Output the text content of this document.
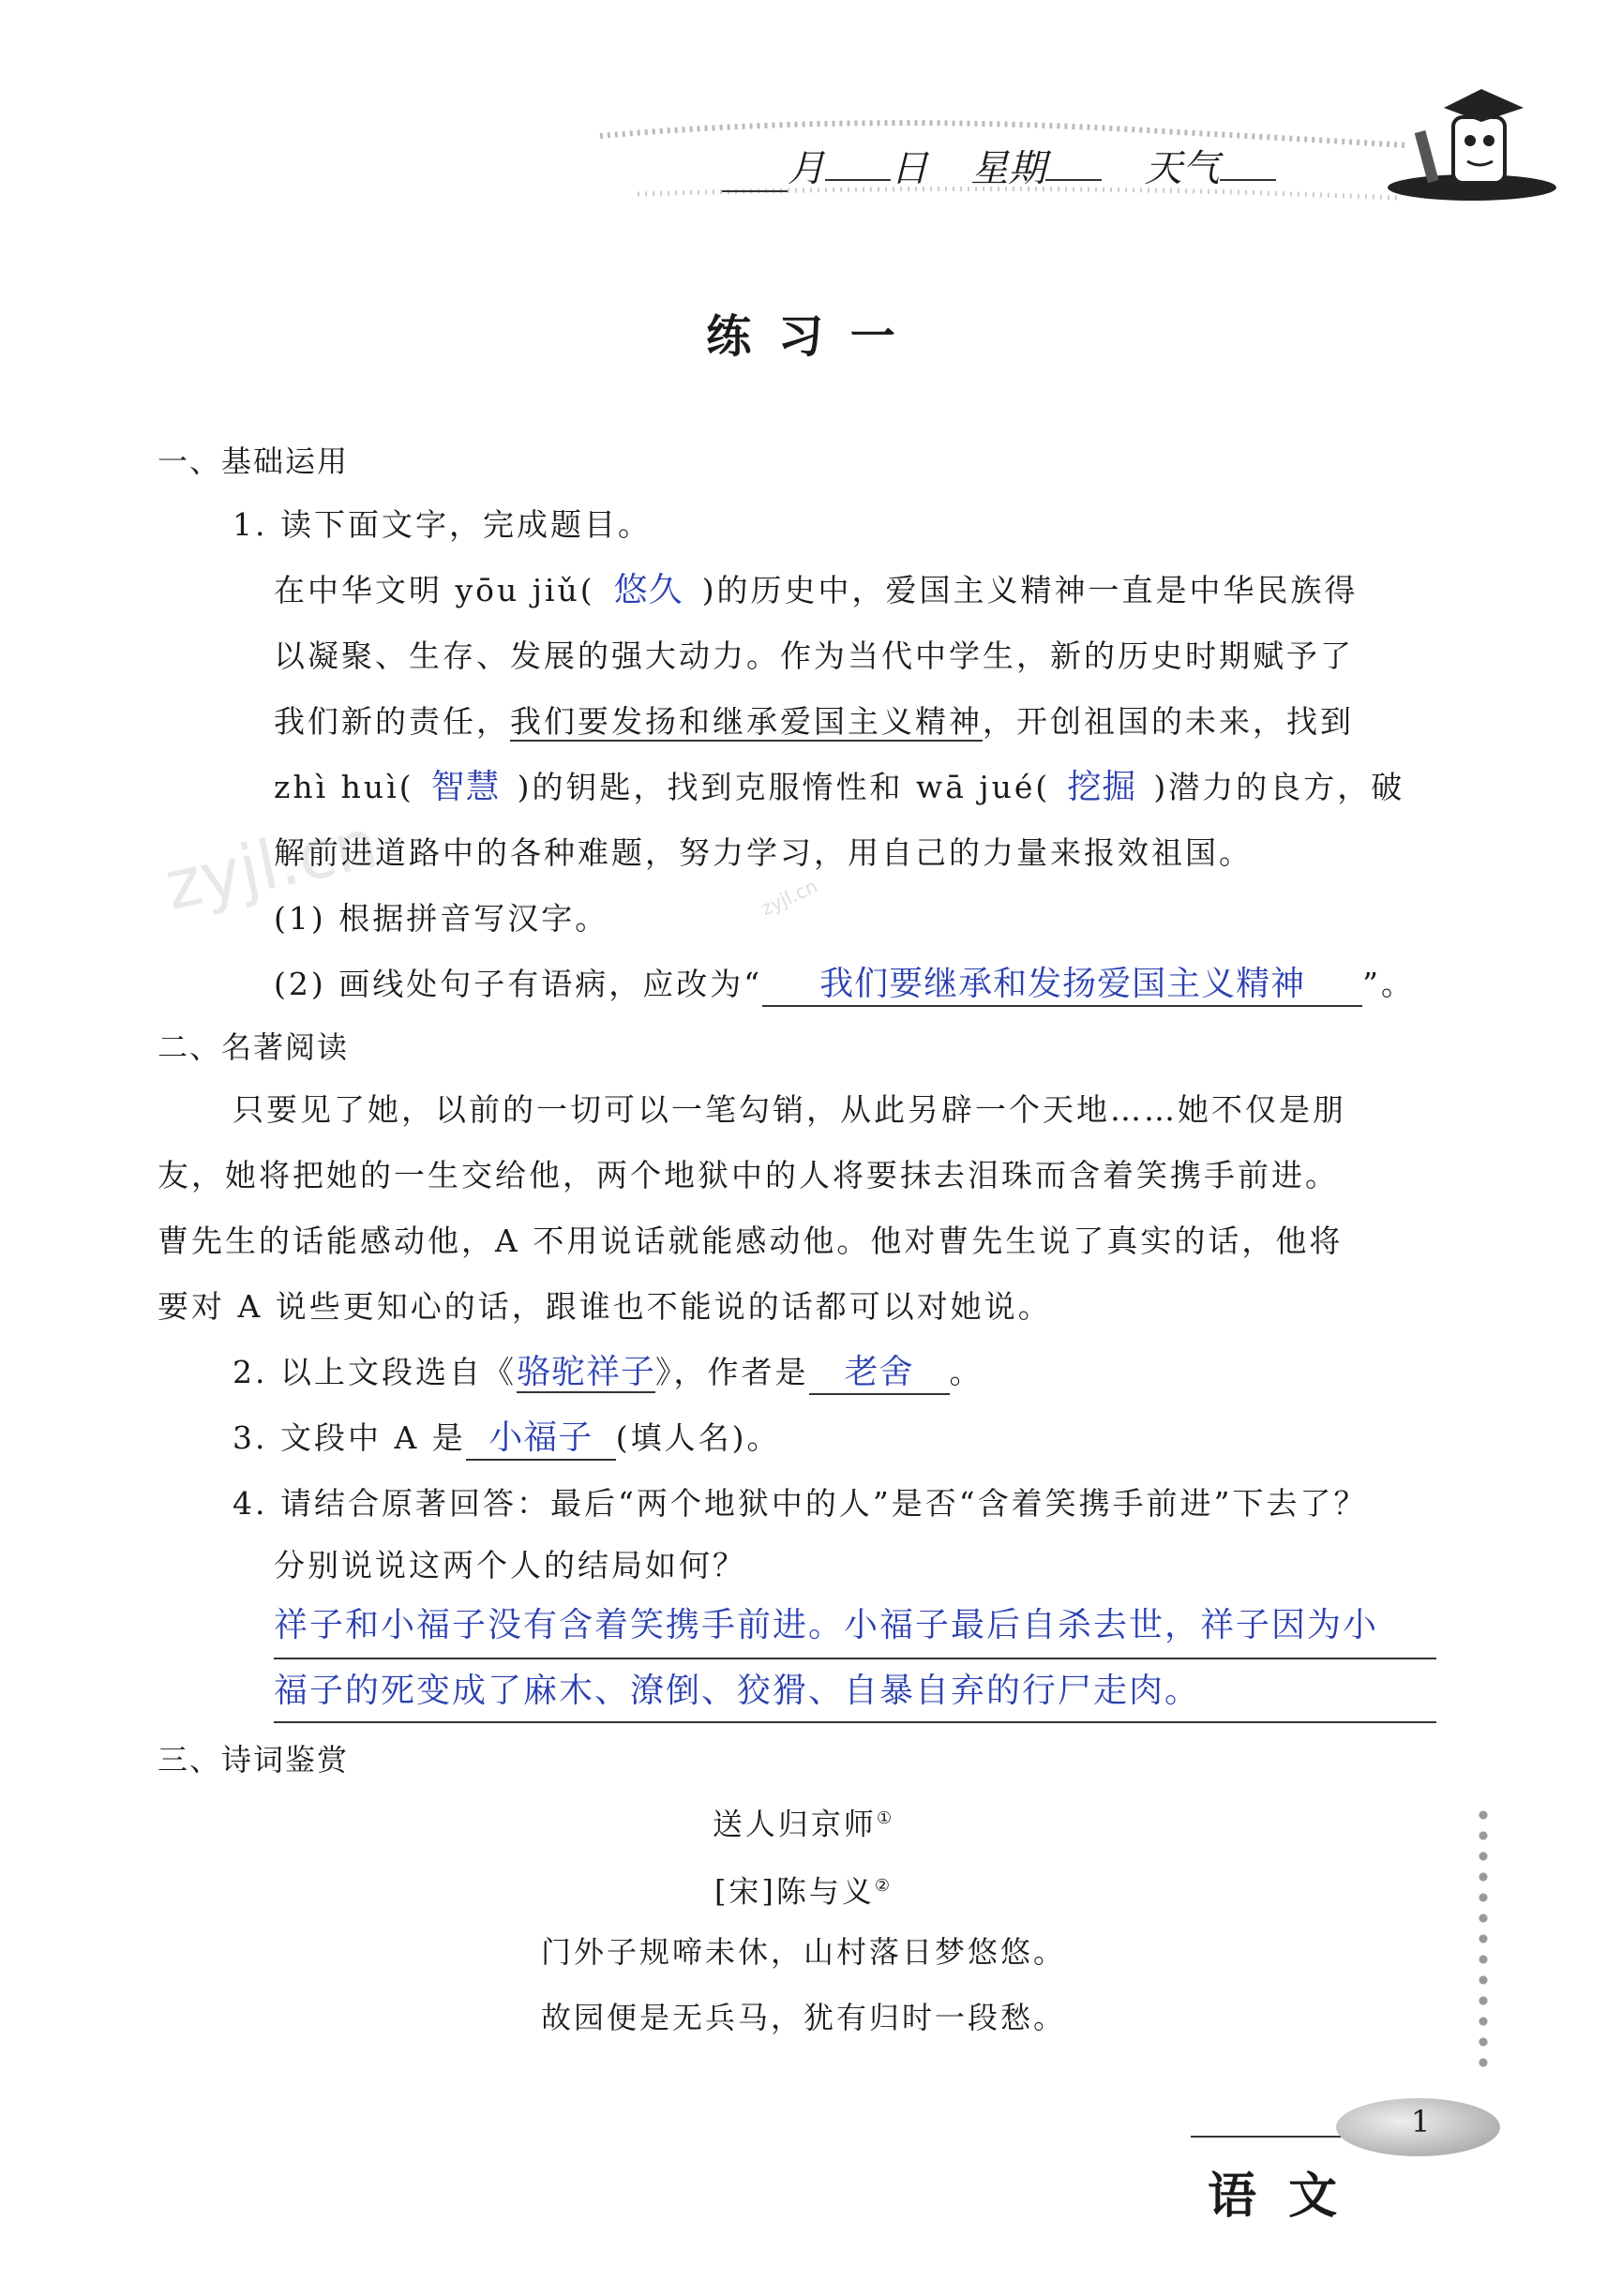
月 日 星期	天气
练 习 一
zyjl.cn	zyjl.cn
一、基础运用
1. 读下面文字，完成题目。
在中华文明 yōu jiǔ( 悠久 )的历史中，爱国主义精神一直是中华民族得
以凝聚、生存、发展的强大动力。作为当代中学生，新的历史时期赋予了
我们新的责任，我们要发扬和继承爱国主义精神，开创祖国的未来，找到
zhì huì( 智慧 )的钥匙，找到克服惰性和 wā jué( 挖掘 )潜力的良方，破
解前进道路中的各种难题，努力学习，用自己的力量来报效祖国。
(1) 根据拼音写汉字。
(2) 画线处句子有语病，应改为“ 我们要继承和发扬爱国主义精神 ”。
二、名著阅读
只要见了她，以前的一切可以一笔勾销，从此另辟一个天地……她不仅是朋
友，她将把她的一生交给他，两个地狱中的人将要抹去泪珠而含着笑携手前进。
曹先生的话能感动他，A 不用说话就能感动他。他对曹先生说了真实的话，他将
要对 A 说些更知心的话，跟谁也不能说的话都可以对她说。
2. 以上文段选自《骆驼祥子》，作者是 老舍 。
3. 文段中 A 是 小福子 (填人名)。
4. 请结合原著回答：最后“两个地狱中的人”是否“含着笑携手前进”下去了？
分别说说这两个人的结局如何？
祥子和小福子没有含着笑携手前进。小福子最后自杀去世，祥子因为小
福子的死变成了麻木、潦倒、狡猾、自暴自弃的行尸走肉。
三、诗词鉴赏
送人归京师①
[宋]陈与义②
门外子规啼未休，山村落日梦悠悠。
故园便是无兵马，犹有归时一段愁。
1
语 文
